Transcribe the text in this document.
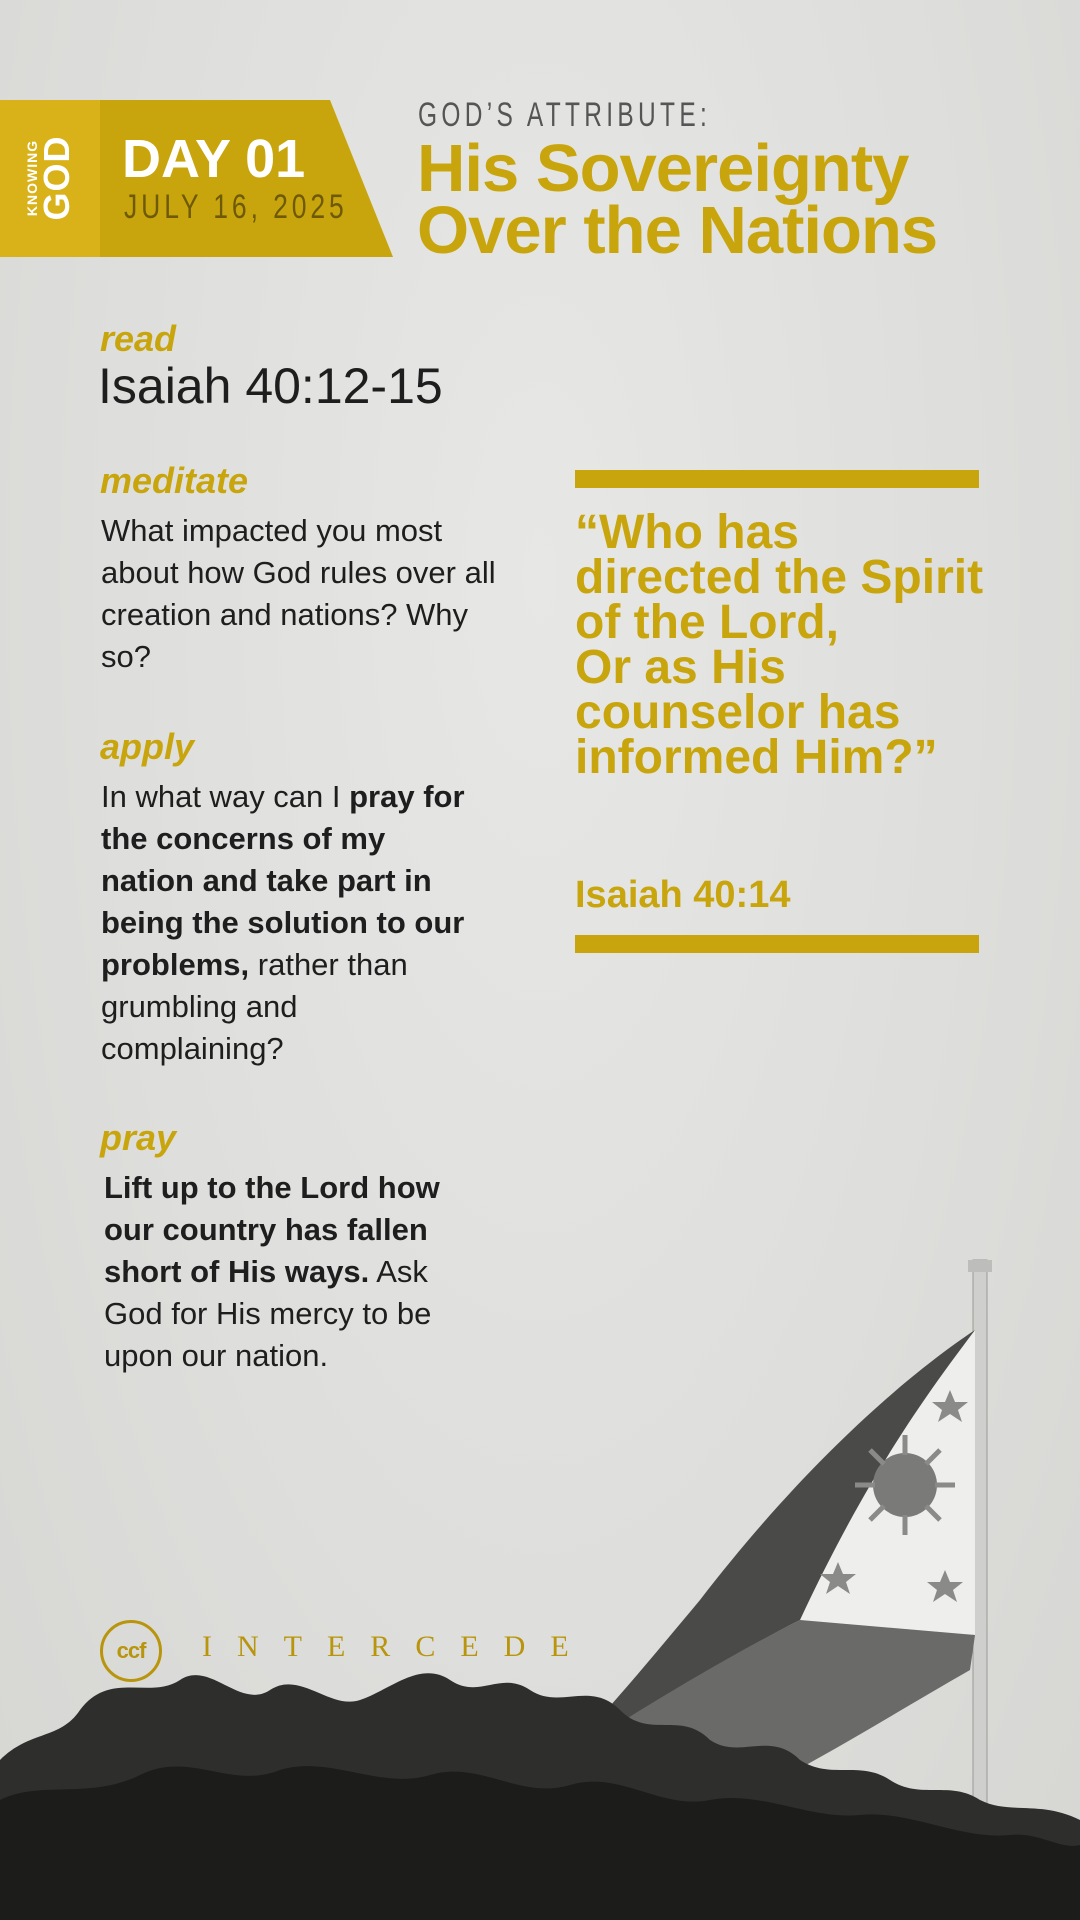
KNOWING
GOD DAY 01
JULY 16, 2025
GOD’S ATTRIBUTE:
His Sovereignty Over the Nations
read
Isaiah 40:12-15
meditate
What impacted you most about how God rules over all creation and nations? Why so?
apply
In what way can I pray for the concerns of my nation and take part in being the solution to our problems, rather than grumbling and complaining?
pray
Lift up to the Lord how our country has fallen short of His ways. Ask God for His mercy to be upon our nation.
“Who has directed the Spirit of the Lord,
Or as His counselor has informed Him?”
Isaiah 40:14
ccf	INTERCEDE
